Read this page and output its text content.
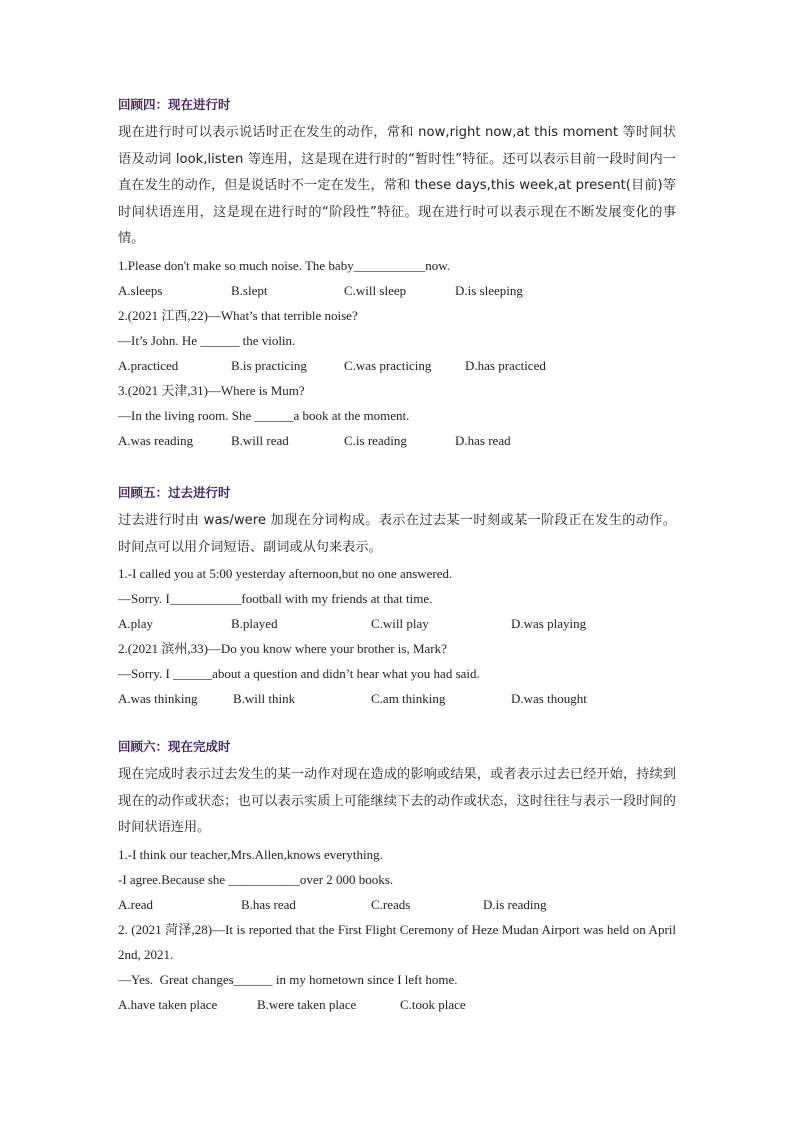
回顾四：现在进行时

现在进行时可以表示说话时正在发生的动作，常和 now,right now,at this moment 等时间状语及动词 look,listen 等连用，这是现在进行时的“暂时性”特征。还可以表示目前一段时间内一直在发生的动作，但是说话时不一定在发生，常和 these days,this week,at present(目前)等时间状语连用，这是现在进行时的“阶段性”特征。现在进行时可以表示现在不断发展变化的事情。

1.Please don't make so much noise. The baby___________now.

A.sleeps	B.slept	C.will sleep	D.is sleeping

2.(2021 江西,22)—What’s that terrible noise?

—It’s John. He ______ the violin.

A.practiced	B.is practicing	C.was practicing	D.has practiced

3.(2021 天津,31)—Where is Mum?

—In the living room. She ______a book at the moment.

A.was reading	B.will read	C.is reading	D.has read

回顾五：过去进行时

过去进行时由 was/were 加现在分词构成。表示在过去某一时刻或某一阶段正在发生的动作。时间点可以用介词短语、副词或从句来表示。

1.-I called you at 5:00 yesterday afternoon,but no one answered.

—Sorry. I___________football with my friends at that time.

A.play	B.played	C.will play	D.was playing

2.(2021 滨州,33)—Do you know where your brother is, Mark?

—Sorry. I ______about a question and didn’t hear what you had said.

A.was thinking	B.will think	C.am thinking	D.was thought

回顾六：现在完成时

现在完成时表示过去发生的某一动作对现在造成的影响或结果，或者表示过去已经开始，持续到现在的动作或状态；也可以表示实质上可能继续下去的动作或状态，这时往往与表示一段时间的时间状语连用。

1.-I think our teacher,Mrs.Allen,knows everything.

-I agree.Because she ___________over 2 000 books.

A.read	B.has read	C.reads	D.is reading

2. (2021 菏泽,28)—It is reported that the First Flight Ceremony of Heze Mudan Airport was held on April 2nd, 2021.

—Yes.  Great changes______ in my hometown since I left home.

A.have taken place	B.were taken place	C.took place
